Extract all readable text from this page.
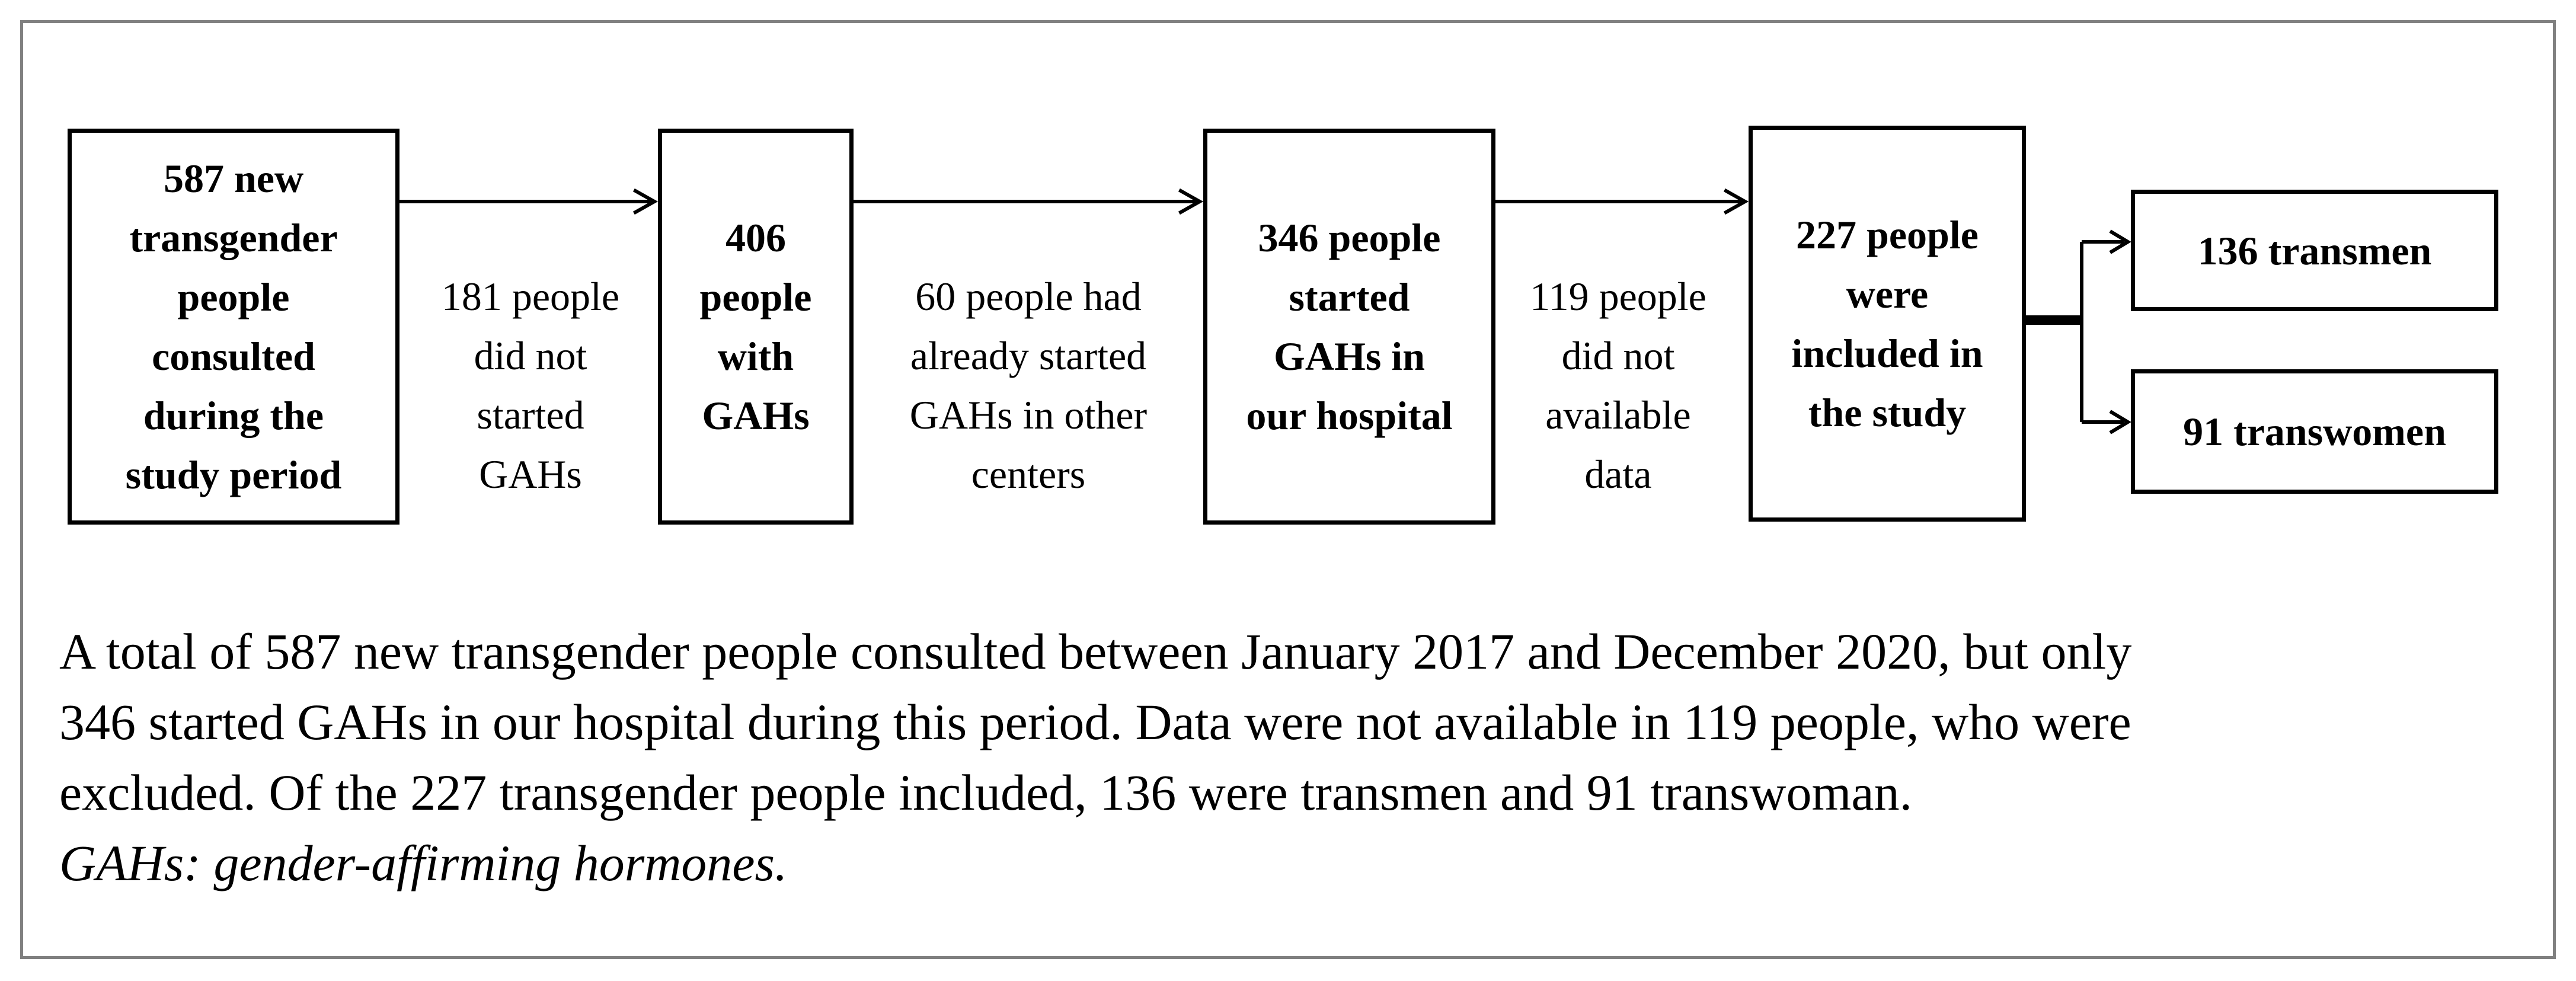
587 new
transgender
people
consulted
during the
study period
181 people
did not
started
GAHs
406
people
with
GAHs
60 people had
already started
GAHs in other
centers
346 people
started
GAHs in
our hospital
119 people
did not
available
data
227 people
were
included in
the study
136 transmen
91 transwomen

A total of 587 new transgender people consulted between January 2017 and December 2020, but only

346 started GAHs in our hospital during this period. Data were not available in 119 people, who were

excluded. Of the 227 transgender people included, 136 were transmen and 91 transwoman.

GAHs: gender-affirming hormones.
